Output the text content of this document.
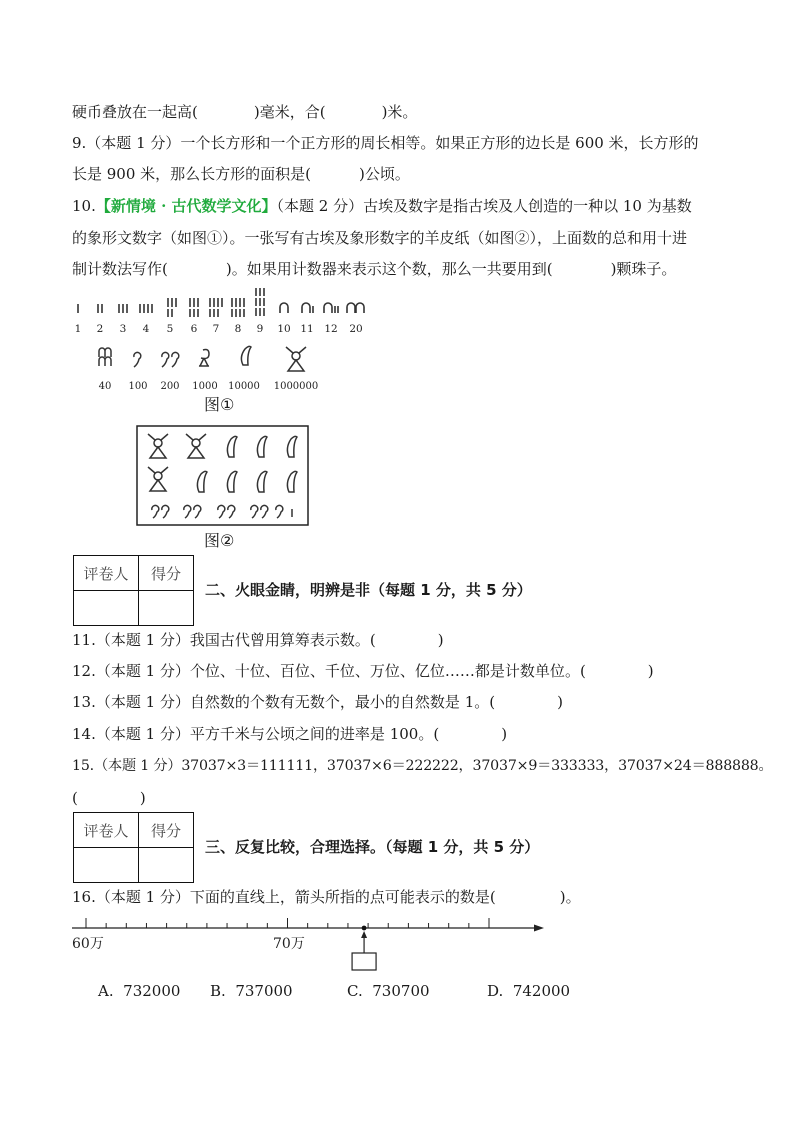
硬币叠放在一起高(	)毫米，合(	)米。
9.（本题 1 分）一个长方形和一个正方形的周长相等。如果正方形的边长是 600 米，长方形的
长是 900 米，那么长方形的面积是(	)公顷。
10.【新情境 · 古代数学文化】（本题 2 分）古埃及数字是指古埃及人创造的一种以 10 为基数
的象形文数字（如图①）。一张写有古埃及象形数字的羊皮纸（如图②），上面数的总和用十进
制计数法写作(	)。如果用计数器来表示这个数，那么一共要用到(	)颗珠子。
1 2 3 4 5 6 7 8 9 10 11 12 20
40 100 200 1000 10000 1000000
图①
图②
评卷人	得分

二、火眼金睛，明辨是非（每题 1 分，共 5 分）
11.（本题 1 分）我国古代曾用算筹表示数。(	)
12.（本题 1 分）个位、十位、百位、千位、万位、亿位……都是计数单位。(	)
13.（本题 1 分）自然数的个数有无数个，最小的自然数是 1。(	)
14.（本题 1 分）平方千米与公顷之间的进率是 100。(	)
15.（本题 1 分）37037×3＝111111，37037×6＝222222，37037×9＝333333，37037×24＝888888。
(	)
评卷人	得分

三、反复比较，合理选择。（每题 1 分，共 5 分）
16.（本题 1 分）下面的直线上，箭头所指的点可能表示的数是(	)。
60万	70万
A. 732000 B. 737000	C. 730700	D. 742000
